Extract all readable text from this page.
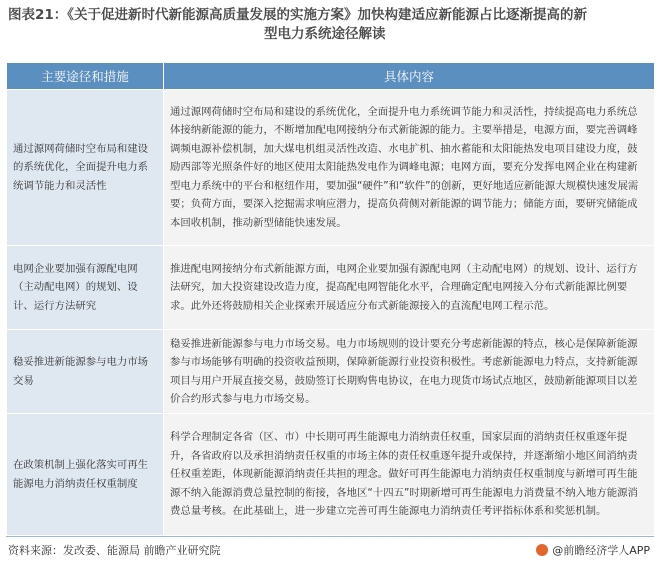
图表21：《关于促进新时代新能源高质量发展的实施方案》加快构建适应新能源占比逐渐提高的新
型电力系统途径解读
主要途径和措施	具体内容
通过源网荷储时空布局和建设的系统优化，全面提升电力系统调节能力和灵活性	通过源网荷储时空布局和建设的系统优化，全面提升电力系统调节能力和灵活性，持续提高电力系统总体接纳新能源的能力，不断增加配电网接纳分布式新能源的能力。主要举措是，电源方面，要完善调峰调频电源补偿机制，加大煤电机组灵活性改造、水电扩机、抽水蓄能和太阳能热发电项目建设力度，鼓励西部等光照条件好的地区使用太阳能热发电作为调峰电源；电网方面，要充分发挥电网企业在构建新型电力系统中的平台和枢纽作用，要加强“硬件”和“软件”的创新，更好地适应新能源大规模快速发展需要；负荷方面，要深入挖掘需求响应潜力，提高负荷侧对新能源的调节能力；储能方面，要研究储能成本回收机制，推动新型储能快速发展。
电网企业要加强有源配电网（主动配电网）的规划、设计、运行方法研究	推进配电网接纳分布式新能源方面，电网企业要加强有源配电网（主动配电网）的规划、设计、运行方法研究，加大投资建设改造力度，提高配电网智能化水平，合理确定配电网接入分布式新能源比例要求。此外还将鼓励相关企业探索开展适应分布式新能源接入的直流配电网工程示范。
稳妥推进新能源参与电力市场交易	稳妥推进新能源参与电力市场交易。电力市场规则的设计要充分考虑新能源的特点，核心是保障新能源参与市场能够有明确的投资收益预期，保障新能源行业投资积极性。考虑新能源电力特点，支持新能源项目与用户开展直接交易，鼓励签订长期购售电协议，在电力现货市场试点地区，鼓励新能源项目以差价合约形式参与电力市场交易。
在政策机制上强化落实可再生能源电力消纳责任权重制度	科学合理制定各省（区、市）中长期可再生能源电力消纳责任权重，国家层面的消纳责任权重逐年提升，各省政府以及承担消纳责任权重的市场主体的责任权重逐年提升或保持，并逐渐缩小地区间消纳责任权重差距，体现新能源消纳责任共担的理念。做好可再生能源电力消纳责任权重制度与新增可再生能源不纳入能源消费总量控制的衔接，各地区“十四五”时期新增可再生能源电力消费量不纳入地方能源消费总量考核。在此基础上，进一步建立完善可再生能源电力消纳责任考评指标体系和奖惩机制。
资料来源：发改委、能源局 前瞻产业研究院	@前瞻经济学人APP
